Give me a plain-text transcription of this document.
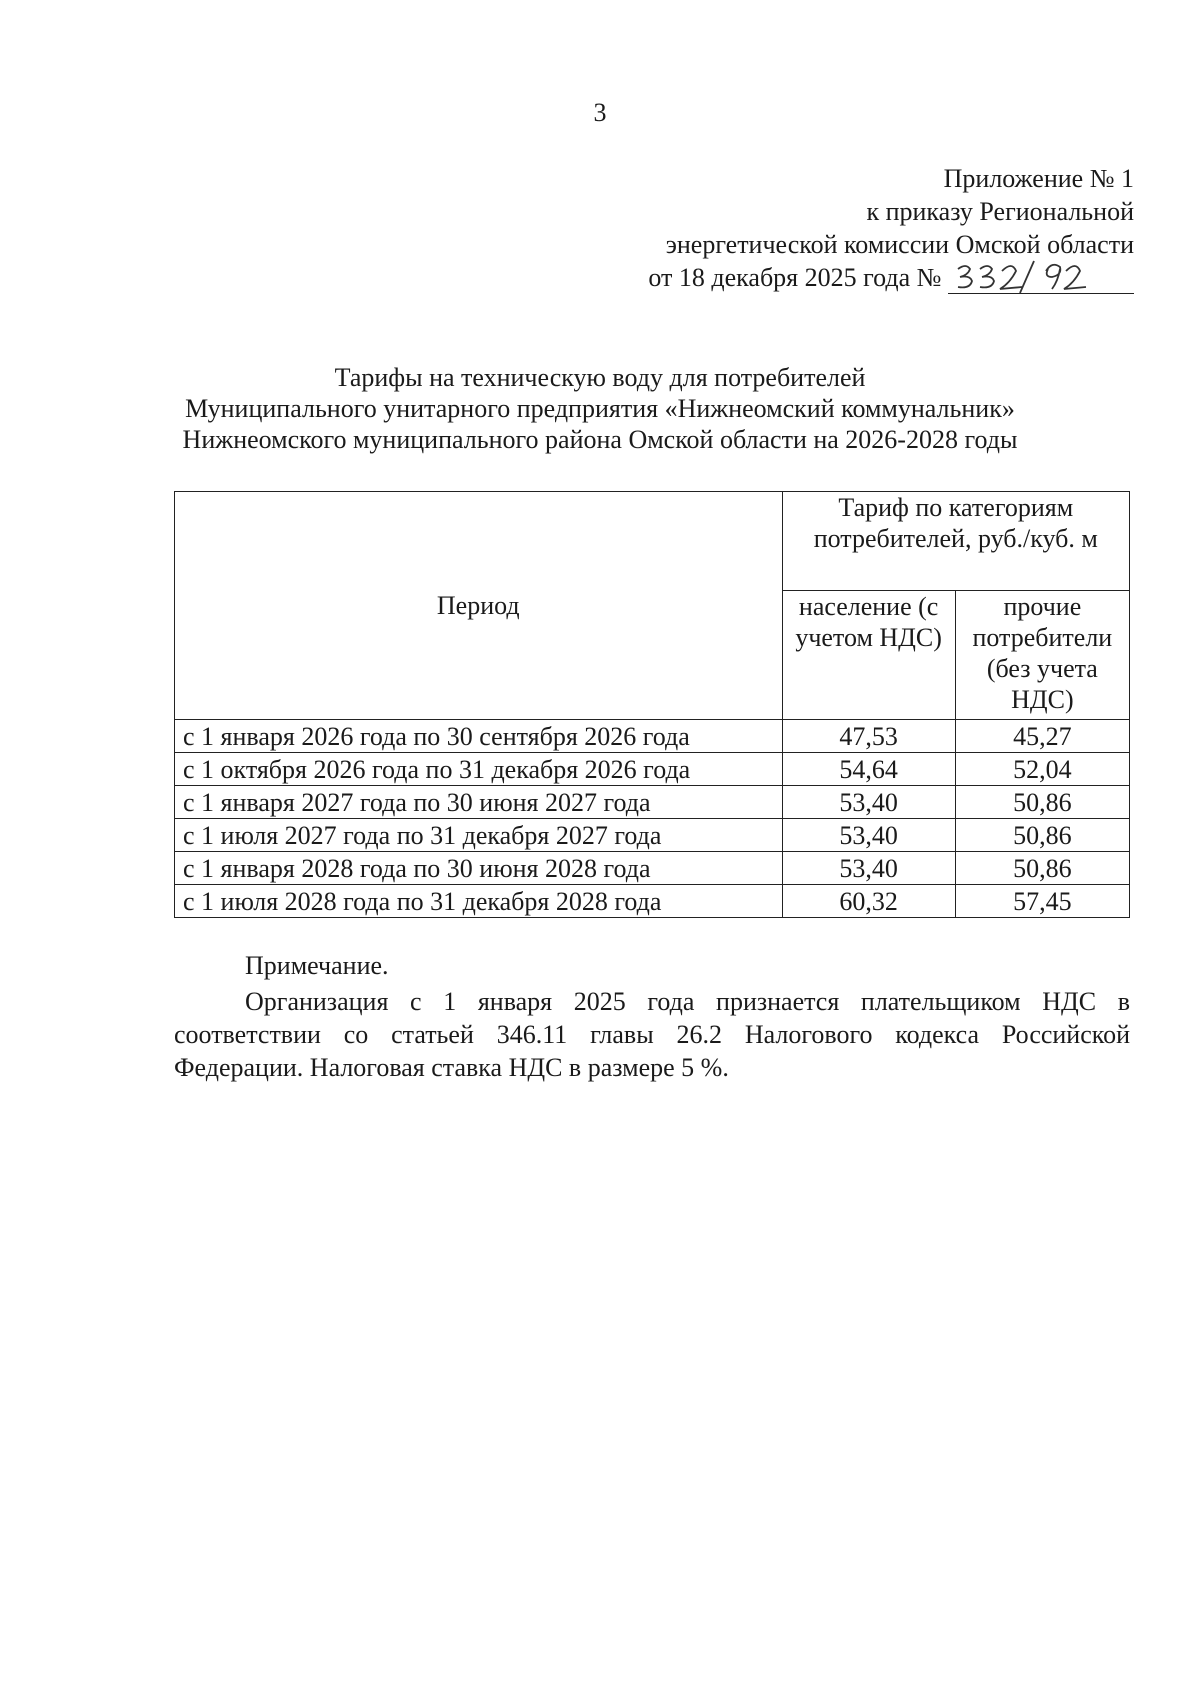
3
Приложение № 1
к приказу Региональной
энергетической комиссии Омской области
от 18 декабря 2025 года №
Тарифы на техническую воду для потребителей
Муниципального унитарного предприятия «Нижнеомский коммунальник»
Нижнеомского муниципального района Омской области на 2026-2028 годы
Период	Тариф по категориям потребителей, руб./куб. м	
	население (с учетом НДС)	прочие потребители (без учета НДС)
с 1 января 2026 года по 30 сентября 2026 года	47,53	45,27
с 1 октября 2026 года по 31 декабря 2026 года	54,64	52,04
с 1 января 2027 года по 30 июня 2027 года	53,40	50,86
с 1 июля 2027 года по 31 декабря 2027 года	53,40	50,86
с 1 января 2028 года по 30 июня 2028 года	53,40	50,86
с 1 июля 2028 года по 31 декабря 2028 года	60,32	57,45
Примечание.
Организация с 1 января 2025 года признается плательщиком НДС в соответствии со статьей 346.11 главы 26.2 Налогового кодекса Российской Федерации. Налоговая ставка НДС в размере 5 %.
